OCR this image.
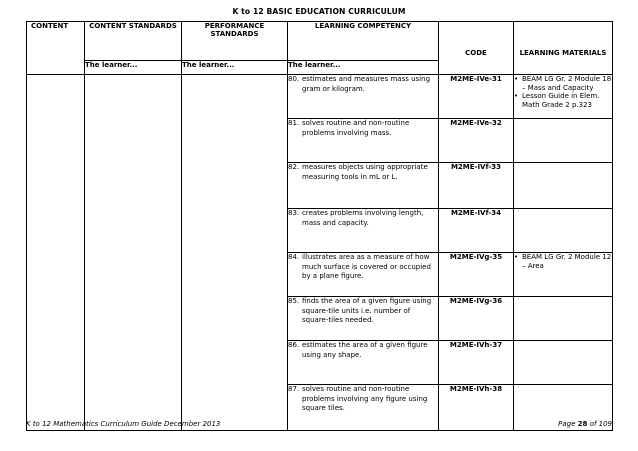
K to 12 BASIC EDUCATION CURRICULUM
CONTENT	CONTENT STANDARDS	PERFORMANCE STANDARDS	LEARNING COMPETENCY	CODE	LEARNING MATERIALS
	The learner...	The learner...	The learner...		
			80. estimates and measures mass using gram or kilogram.	M2ME-IVe-31	• BEAM LG Gr. 2 Module 18 – Mass and Capacity
• Lesson Guide in Elem. Math Grade 2 p.323

			81. solves routine and non-routine problems involving mass.	M2ME-IVe-32	
			82. measures objects using appropriate measuring tools in mL or L.	M2ME-IVf-33	
			83. creates problems involving length, mass and capacity.	M2ME-IVf-34	
			84. illustrates area as a measure of how much surface is covered or occupied by a plane figure.	M2ME-IVg-35	• BEAM LG Gr. 2 Module 12 – Area

			85. finds the area of a given figure using square-tile units i.e. number of square-tiles needed.	M2ME-IVg-36	
			86. estimates the area of a given figure using any shape.	M2ME-IVh-37	
			87. solves routine and non-routine problems involving any figure using square tiles.	M2ME-IVh-38	
K to 12 Mathematics Curriculum Guide December 2013	Page 28 of 109
